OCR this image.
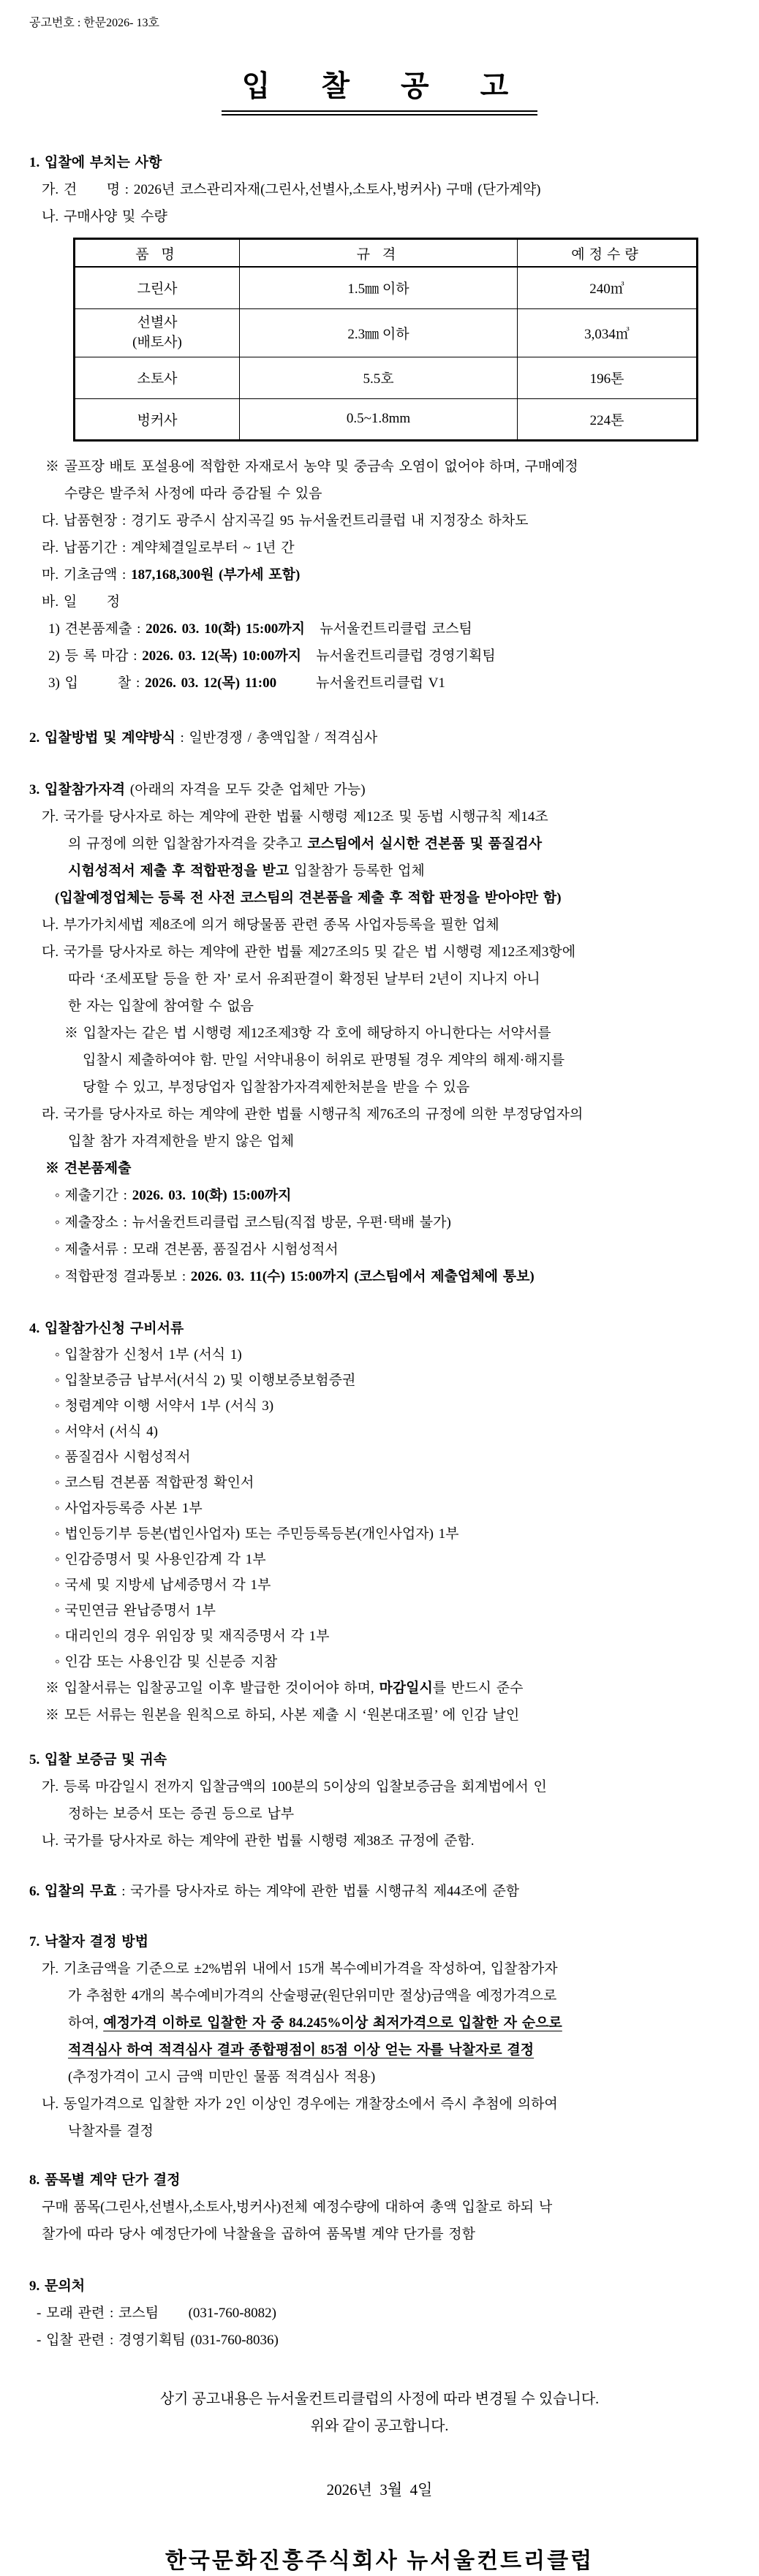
공고번호 : 한문2026- 13호
입 찰 공 고
1. 입찰에 부치는 사항
가. 건      명 : 2026년 코스관리자재(그린사,선별사,소토사,벙커사) 구매 (단가계약)
나. 구매사양 및 수량
품 명	규 격	예정수량
그린사	1.5㎜ 이하	240㎥

선별사
(배토사)	2.3㎜ 이하	3,034㎥
소토사	5.5호	196톤
벙커사	0.5~1.8mm	224톤
※ 골프장 배토 포설용에 적합한 자재로서 농약 및 중금속 오염이 없어야 하며, 구매예정
수량은 발주처 사정에 따라 증감될 수 있음
다. 납품현장 : 경기도 광주시 삼지곡길 95 뉴서울컨트리클럽 내 지정장소 하차도
라. 납품기간 : 계약체결일로부터 ~ 1년 간
마. 기초금액 : 187,168,300원 (부가세 포함)
바. 일      정
1) 견본품제출 : 2026. 03. 10(화) 15:00까지   뉴서울컨트리클럽 코스팀
2) 등 록 마감 : 2026. 03. 12(목) 10:00까지   뉴서울컨트리클럽 경영기획팀
3) 입        찰 : 2026. 03. 12(목) 11:00        뉴서울컨트리클럽 V1
2. 입찰방법 및 계약방식 : 일반경쟁 / 총액입찰 / 적격심사
3. 입찰참가자격 (아래의 자격을 모두 갖춘 업체만 가능)
가. 국가를 당사자로 하는 계약에 관한 법률 시행령 제12조 및 동법 시행규칙 제14조
의 규정에 의한 입찰참가자격을 갖추고 코스팀에서 실시한 견본품 및 품질검사
시험성적서 제출 후 적합판정을 받고 입찰참가 등록한 업체
(입찰예정업체는 등록 전 사전 코스팀의 견본품을 제출 후 적합 판정을 받아야만 함)
나. 부가가치세법 제8조에 의거 해당물품 관련 종목 사업자등록을 필한 업체
다. 국가를 당사자로 하는 계약에 관한 법률 제27조의5 및 같은 법 시행령 제12조제3항에
따라 ‘조세포탈 등을 한 자’ 로서 유죄판결이 확정된 날부터 2년이 지나지 아니
한 자는 입찰에 참여할 수 없음
※ 입찰자는 같은 법 시행령 제12조제3항 각 호에 해당하지 아니한다는 서약서를
입찰시 제출하여야 함. 만일 서약내용이 허위로 판명될 경우 계약의 해제·해지를
당할 수 있고, 부정당업자 입찰참가자격제한처분을 받을 수 있음
라. 국가를 당사자로 하는 계약에 관한 법률 시행규칙 제76조의 규정에 의한 부정당업자의
입찰 참가 자격제한을 받지 않은 업체
※ 견본품제출
◦ 제출기간 : 2026. 03. 10(화) 15:00까지
◦ 제출장소 : 뉴서울컨트리클럽 코스팀(직접 방문, 우편·택배 불가)
◦ 제출서류 : 모래 견본품, 품질검사 시험성적서
◦ 적합판정 결과통보 : 2026. 03. 11(수) 15:00까지 (코스팀에서 제출업체에 통보)
4. 입찰참가신청 구비서류
◦ 입찰참가 신청서 1부 (서식 1)
◦ 입찰보증금 납부서(서식 2) 및 이행보증보험증권
◦ 청렴계약 이행 서약서 1부 (서식 3)
◦ 서약서 (서식 4)
◦ 품질검사 시험성적서
◦ 코스팀 견본품 적합판정 확인서
◦ 사업자등록증 사본 1부
◦ 법인등기부 등본(법인사업자) 또는 주민등록등본(개인사업자) 1부
◦ 인감증명서 및 사용인감계 각 1부
◦ 국세 및 지방세 납세증명서 각 1부
◦ 국민연금 완납증명서 1부
◦ 대리인의 경우 위임장 및 재직증명서 각 1부
◦ 인감 또는 사용인감 및 신분증 지참
※ 입찰서류는 입찰공고일 이후 발급한 것이어야 하며, 마감일시를 반드시 준수
※ 모든 서류는 원본을 원칙으로 하되, 사본 제출 시 ‘원본대조필’ 에 인감 날인
5. 입찰 보증금 및 귀속
가. 등록 마감일시 전까지 입찰금액의 100분의 5이상의 입찰보증금을 회계법에서 인
정하는 보증서 또는 증권 등으로 납부
나. 국가를 당사자로 하는 계약에 관한 법률 시행령 제38조 규정에 준함.
6. 입찰의 무효 : 국가를 당사자로 하는 계약에 관한 법률 시행규칙 제44조에 준함
7. 낙찰자 결정 방법
가. 기초금액을 기준으로 ±2%범위 내에서 15개 복수예비가격을 작성하여, 입찰참가자
가 추첨한 4개의 복수예비가격의 산술평균(원단위미만 절상)금액을 예정가격으로
하여, 예정가격 이하로 입찰한 자 중 84.245%이상 최저가격으로 입찰한 자 순으로
적격심사 하여 적격심사 결과 종합평점이 85점 이상 얻는 자를 낙찰자로 결정
(추정가격이 고시 금액 미만인 물품 적격심사 적용)
나. 동일가격으로 입찰한 자가 2인 이상인 경우에는 개찰장소에서 즉시 추첨에 의하여
낙찰자를 결정
8. 품목별 계약 단가 결정
구매 품목(그린사,선별사,소토사,벙커사)전체 예정수량에 대하여 총액 입찰로 하되 낙
찰가에 따라 당사 예정단가에 낙찰율을 곱하여 품목별 계약 단가를 정함
9. 문의처
- 모래 관련 : 코스팀      (031-760-8082)
- 입찰 관련 : 경영기획팀 (031-760-8036)
상기 공고내용은 뉴서울컨트리클럽의 사정에 따라 변경될 수 있습니다.
위와 같이 공고합니다.
2026년  3월  4일
한국문화진흥주식회사 뉴서울컨트리클럽
